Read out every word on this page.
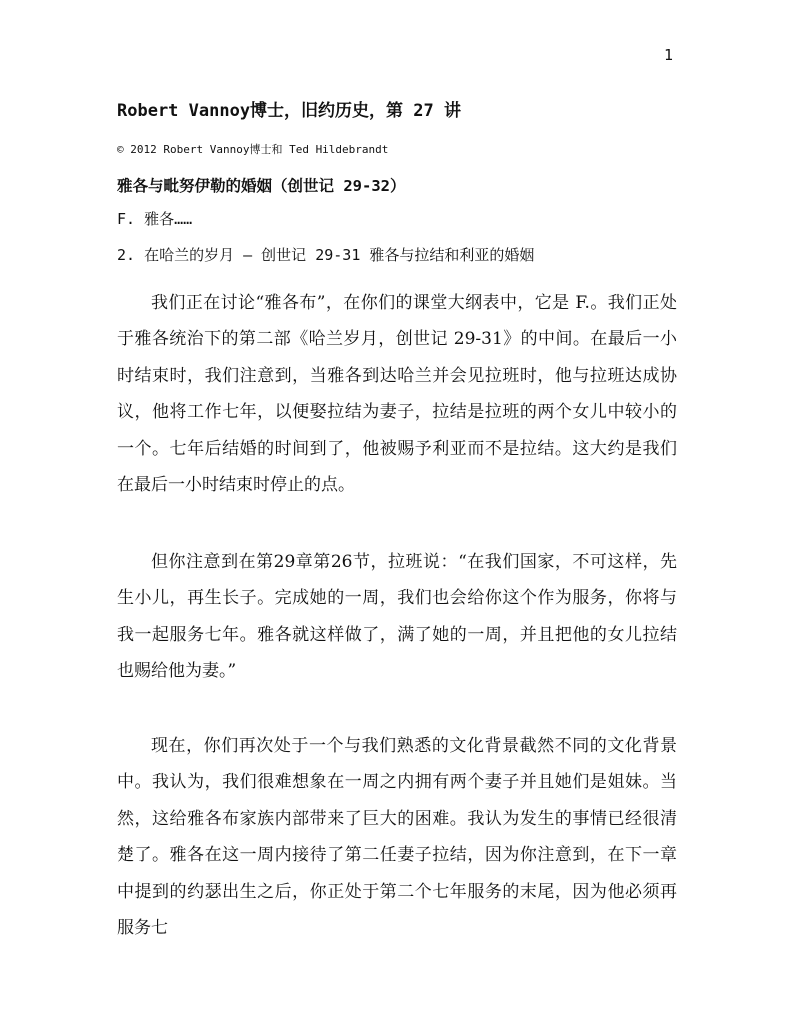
1
Robert Vannoy博士，旧约历史，第 27 讲
© 2012 Robert Vannoy博士和 Ted Hildebrandt
雅各与毗努伊勒的婚姻（创世记 29-32）
F. 雅各……
2. 在哈兰的岁月 – 创世记 29-31 雅各与拉结和利亚的婚姻

我们正在讨论“雅各布”，在你们的课堂大纲表中，它是 F.。我们正处于雅各统治下的第二部《哈兰岁月，创世记 29-31》的中间。在最后一小时结束时，我们注意到，当雅各到达哈兰并会见拉班时，他与拉班达成协议，他将工作七年，以便娶拉结为妻子，拉结是拉班的两个女儿中较小的一个。七年后结婚的时间到了，他被赐予利亚而不是拉结。这大约是我们在最后一小时结束时停止的点。

但你注意到在第29章第26节，拉班说：“在我们国家，不可这样，先生小儿，再生长子。完成她的一周，我们也会给你这个作为服务，你将与我一起服务七年。雅各就这样做了，满了她的一周，并且把他的女儿拉结也赐给他为妻。”

现在，你们再次处于一个与我们熟悉的文化背景截然不同的文化背景中。我认为，我们很难想象在一周之内拥有两个妻子并且她们是姐妹。当然，这给雅各布家族内部带来了巨大的困难。我认为发生的事情已经很清楚了。雅各在这一周内接待了第二任妻子拉结，因为你注意到，在下一章中提到的约瑟出生之后，你正处于第二个七年服务的末尾，因为他必须再服务七
